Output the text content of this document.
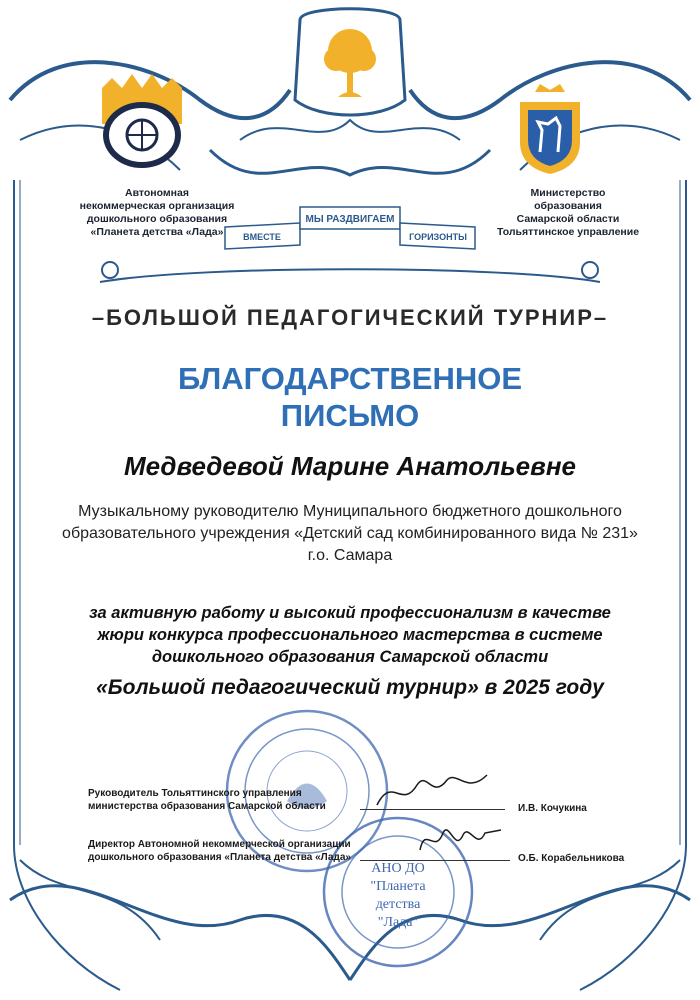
Автономная
некоммерческая организация
дошкольного образования
«Планета детства «Лада»
Министерство
образования
Самарской области
Тольяттинское управление
ВМЕСТЕ
МЫ РАЗДВИГАЕМ
ГОРИЗОНТЫ
–БОЛЬШОЙ ПЕДАГОГИЧЕСКИЙ ТУРНИР–
БЛАГОДАРСТВЕННОЕ
ПИСЬМО
Медведевой Марине Анатольевне
Музыкальному руководителю Муниципального бюджетного дошкольного
образовательного учреждения «Детский сад комбинированного вида № 231»
г.о. Самара
за активную работу и высокий профессионализм в качестве
жюри конкурса профессионального мастерства в системе
дошкольного образования Самарской области
«Большой педагогический турнир» в 2025 году
АНО ДО
"Планета
детства
"Лада"
Руководитель Тольяттинского управления
министерства образования Самарской области	И.В. Кочукина
Директор Автономной некоммерческой организации
дошкольного образования «Планета детства «Лада»	О.Б. Корабельникова
